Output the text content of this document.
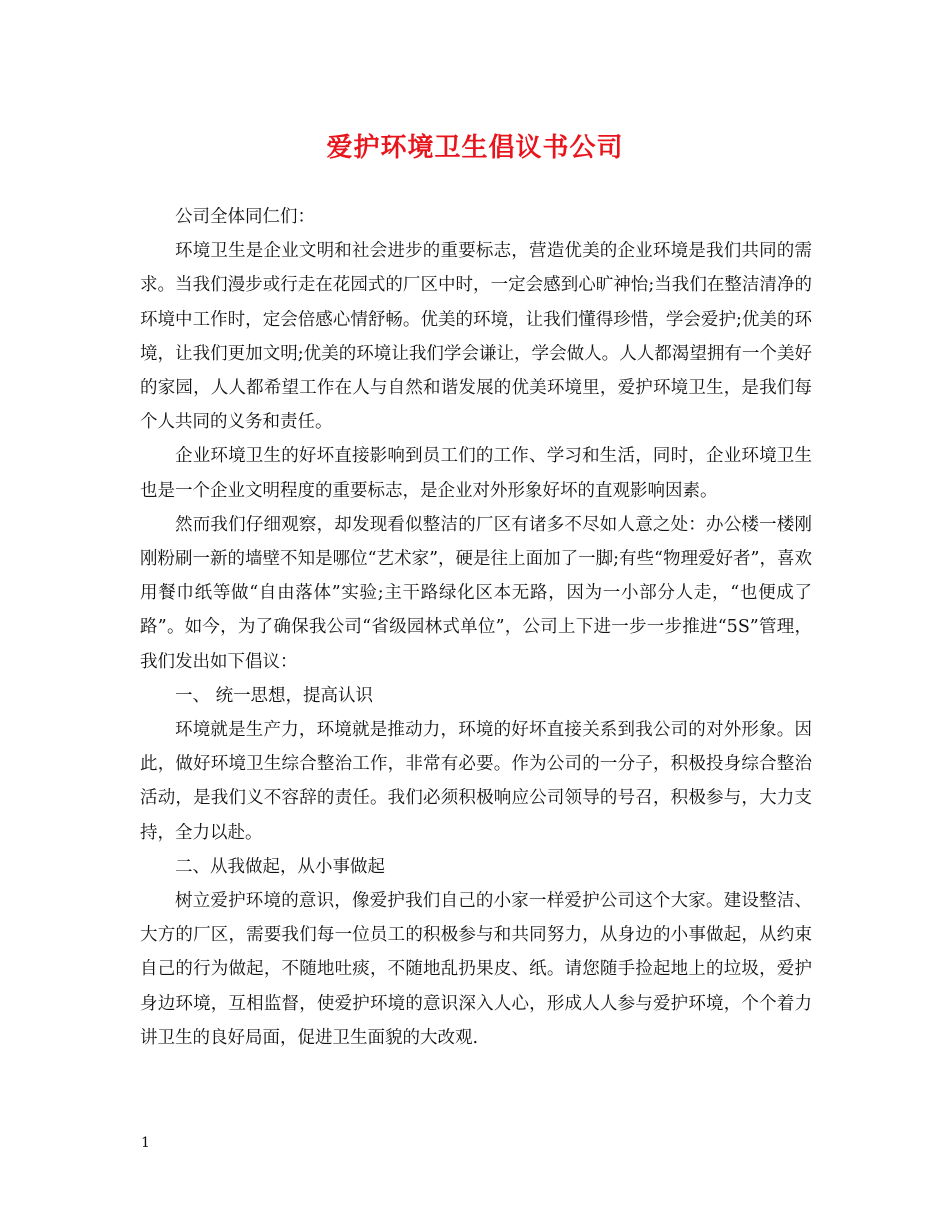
爱护环境卫生倡议书公司

公司全体同仁们：

环境卫生是企业文明和社会进步的重要标志，营造优美的企业环境是我们共同的需求。当我们漫步或行走在花园式的厂区中时，一定会感到心旷神怡;当我们在整洁清净的环境中工作时，定会倍感心情舒畅。优美的环境，让我们懂得珍惜，学会爱护;优美的环境，让我们更加文明;优美的环境让我们学会谦让，学会做人。人人都渴望拥有一个美好的家园，人人都希望工作在人与自然和谐发展的优美环境里，爱护环境卫生，是我们每个人共同的义务和责任。

企业环境卫生的好坏直接影响到员工们的工作、学习和生活，同时，企业环境卫生也是一个企业文明程度的重要标志，是企业对外形象好坏的直观影响因素。

然而我们仔细观察，却发现看似整洁的厂区有诸多不尽如人意之处：办公楼一楼刚刚粉刷一新的墙壁不知是哪位“艺术家”，硬是往上面加了一脚;有些“物理爱好者”，喜欢用餐巾纸等做“自由落体”实验;主干路绿化区本无路，因为一小部分人走，“也便成了路”。如今，为了确保我公司“省级园林式单位”，公司上下进一步一步推进“5S”管理，我们发出如下倡议：

一、 统一思想，提高认识

环境就是生产力，环境就是推动力，环境的好坏直接关系到我公司的对外形象。因此，做好环境卫生综合整治工作，非常有必要。作为公司的一分子，积极投身综合整治活动，是我们义不容辞的责任。我们必须积极响应公司领导的号召，积极参与，大力支持，全力以赴。

二、从我做起，从小事做起

树立爱护环境的意识，像爱护我们自己的小家一样爱护公司这个大家。建设整洁、大方的厂区，需要我们每一位员工的积极参与和共同努力，从身边的小事做起，从约束自己的行为做起，不随地吐痰，不随地乱扔果皮、纸。请您随手捡起地上的垃圾，爱护身边环境，互相监督，使爱护环境的意识深入人心，形成人人参与爱护环境，个个着力讲卫生的良好局面，促进卫生面貌的大改观.

1
